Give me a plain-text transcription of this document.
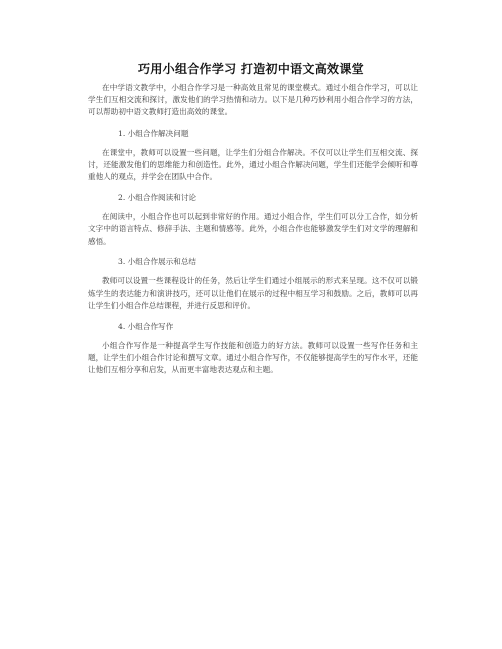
巧用小组合作学习 打造初中语文高效课堂

在中学语文教学中，小组合作学习是一种高效且常见的课堂模式。通过小组合作学习，可以让学生们互相交流和探讨，激发他们的学习热情和动力。以下是几种巧妙利用小组合作学习的方法，可以帮助初中语文教师打造出高效的课堂。

1. 小组合作解决问题

在课堂中，教师可以设置一些问题，让学生们分组合作解决。不仅可以让学生们互相交流、探讨，还能激发他们的思维能力和创造性。此外，通过小组合作解决问题，学生们还能学会倾听和尊重他人的观点，并学会在团队中合作。

2. 小组合作阅读和讨论

在阅读中，小组合作也可以起到非常好的作用。通过小组合作，学生们可以分工合作，如分析文字中的语言特点、修辞手法、主题和情感等。此外，小组合作也能够激发学生们对文学的理解和感悟。

3. 小组合作展示和总结

教师可以设置一些课程设计的任务，然后让学生们通过小组展示的形式来呈现。这不仅可以锻炼学生的表达能力和演讲技巧，还可以让他们在展示的过程中相互学习和鼓励。之后，教师可以再让学生们小组合作总结课程，并进行反思和评价。

4. 小组合作写作

小组合作写作是一种提高学生写作技能和创造力的好方法。教师可以设置一些写作任务和主题，让学生们小组合作讨论和撰写文章。通过小组合作写作，不仅能够提高学生的写作水平，还能让他们互相分享和启发，从而更丰富地表达观点和主题。
